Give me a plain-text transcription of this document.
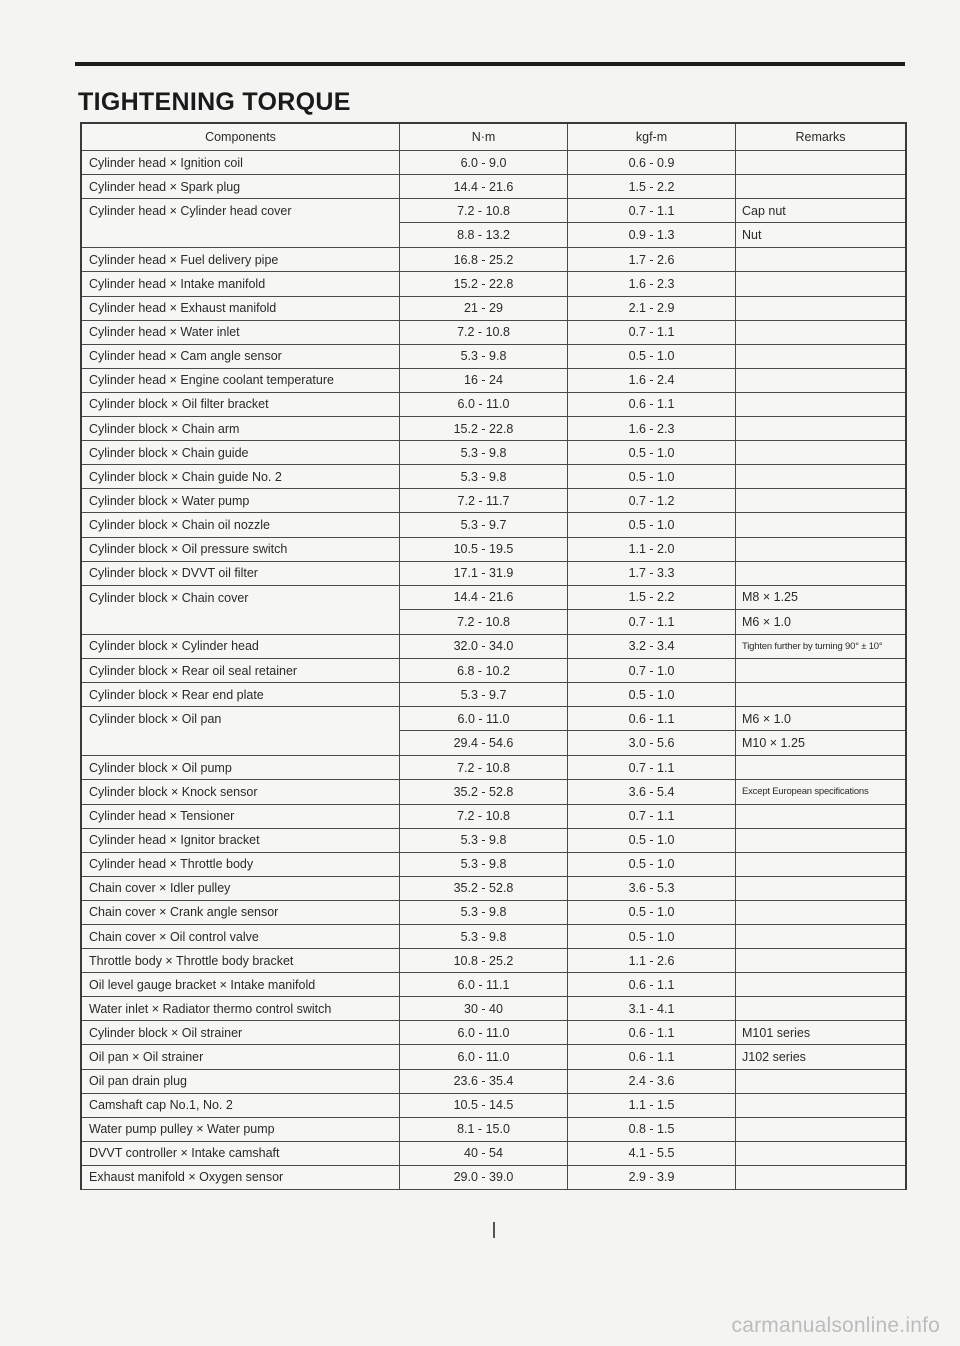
TIGHTENING TORQUE
Components	N·m	kgf-m	Remarks
Cylinder head × Ignition coil	6.0 - 9.0	0.6 - 0.9
Cylinder head × Spark plug	14.4 - 21.6	1.5 - 2.2
Cylinder head × Cylinder head cover	7.2 - 10.8	0.7 - 1.1	Cap nut
8.8 - 13.2	0.9 - 1.3	Nut
Cylinder head × Fuel delivery pipe	16.8 - 25.2	1.7 - 2.6
Cylinder head × Intake manifold	15.2 - 22.8	1.6 - 2.3
Cylinder head × Exhaust manifold	21 - 29	2.1 - 2.9
Cylinder head × Water inlet	7.2 - 10.8	0.7 - 1.1
Cylinder head × Cam angle sensor	5.3 - 9.8	0.5 - 1.0
Cylinder head × Engine coolant temperature	16 - 24	1.6 - 2.4
Cylinder block × Oil filter bracket	6.0 - 11.0	0.6 - 1.1
Cylinder block × Chain arm	15.2 - 22.8	1.6 - 2.3
Cylinder block × Chain guide	5.3 - 9.8	0.5 - 1.0
Cylinder block × Chain guide No. 2	5.3 - 9.8	0.5 - 1.0
Cylinder block × Water pump	7.2 - 11.7	0.7 - 1.2
Cylinder block × Chain oil nozzle	5.3 - 9.7	0.5 - 1.0
Cylinder block × Oil pressure switch	10.5 - 19.5	1.1 - 2.0
Cylinder block × DVVT oil filter	17.1 - 31.9	1.7 - 3.3
Cylinder block × Chain cover	14.4 - 21.6	1.5 - 2.2	M8 × 1.25
7.2 - 10.8	0.7 - 1.1	M6 × 1.0
Cylinder block × Cylinder head	32.0 - 34.0	3.2 - 3.4	Tighten further by turning 90° ± 10°
Cylinder block × Rear oil seal retainer	6.8 - 10.2	0.7 - 1.0
Cylinder block × Rear end plate	5.3 - 9.7	0.5 - 1.0
Cylinder block × Oil pan	6.0 - 11.0	0.6 - 1.1	M6 × 1.0
29.4 - 54.6	3.0 - 5.6	M10 × 1.25
Cylinder block × Oil pump	7.2 - 10.8	0.7 - 1.1
Cylinder block × Knock sensor	35.2 - 52.8	3.6 - 5.4	Except European specifications
Cylinder head × Tensioner	7.2 - 10.8	0.7 - 1.1
Cylinder head × Ignitor bracket	5.3 - 9.8	0.5 - 1.0
Cylinder head × Throttle body	5.3 - 9.8	0.5 - 1.0
Chain cover × Idler pulley	35.2 - 52.8	3.6 - 5.3
Chain cover × Crank angle sensor	5.3 - 9.8	0.5 - 1.0
Chain cover × Oil control valve	5.3 - 9.8	0.5 - 1.0
Throttle body × Throttle body bracket	10.8 - 25.2	1.1 - 2.6
Oil level gauge bracket × Intake manifold	6.0 - 11.1	0.6 - 1.1
Water inlet × Radiator thermo control switch	30 - 40	3.1 - 4.1
Cylinder block × Oil strainer	6.0 - 11.0	0.6 - 1.1	M101 series
Oil pan × Oil strainer	6.0 - 11.0	0.6 - 1.1	J102 series
Oil pan drain plug	23.6 - 35.4	2.4 - 3.6
Camshaft cap No.1, No. 2	10.5 - 14.5	1.1 - 1.5
Water pump pulley × Water pump	8.1 - 15.0	0.8 - 1.5
DVVT controller × Intake camshaft	40 - 54	4.1 - 5.5
Exhaust manifold × Oxygen sensor	29.0 - 39.0	2.9 - 3.9
carmanualsonline.info
